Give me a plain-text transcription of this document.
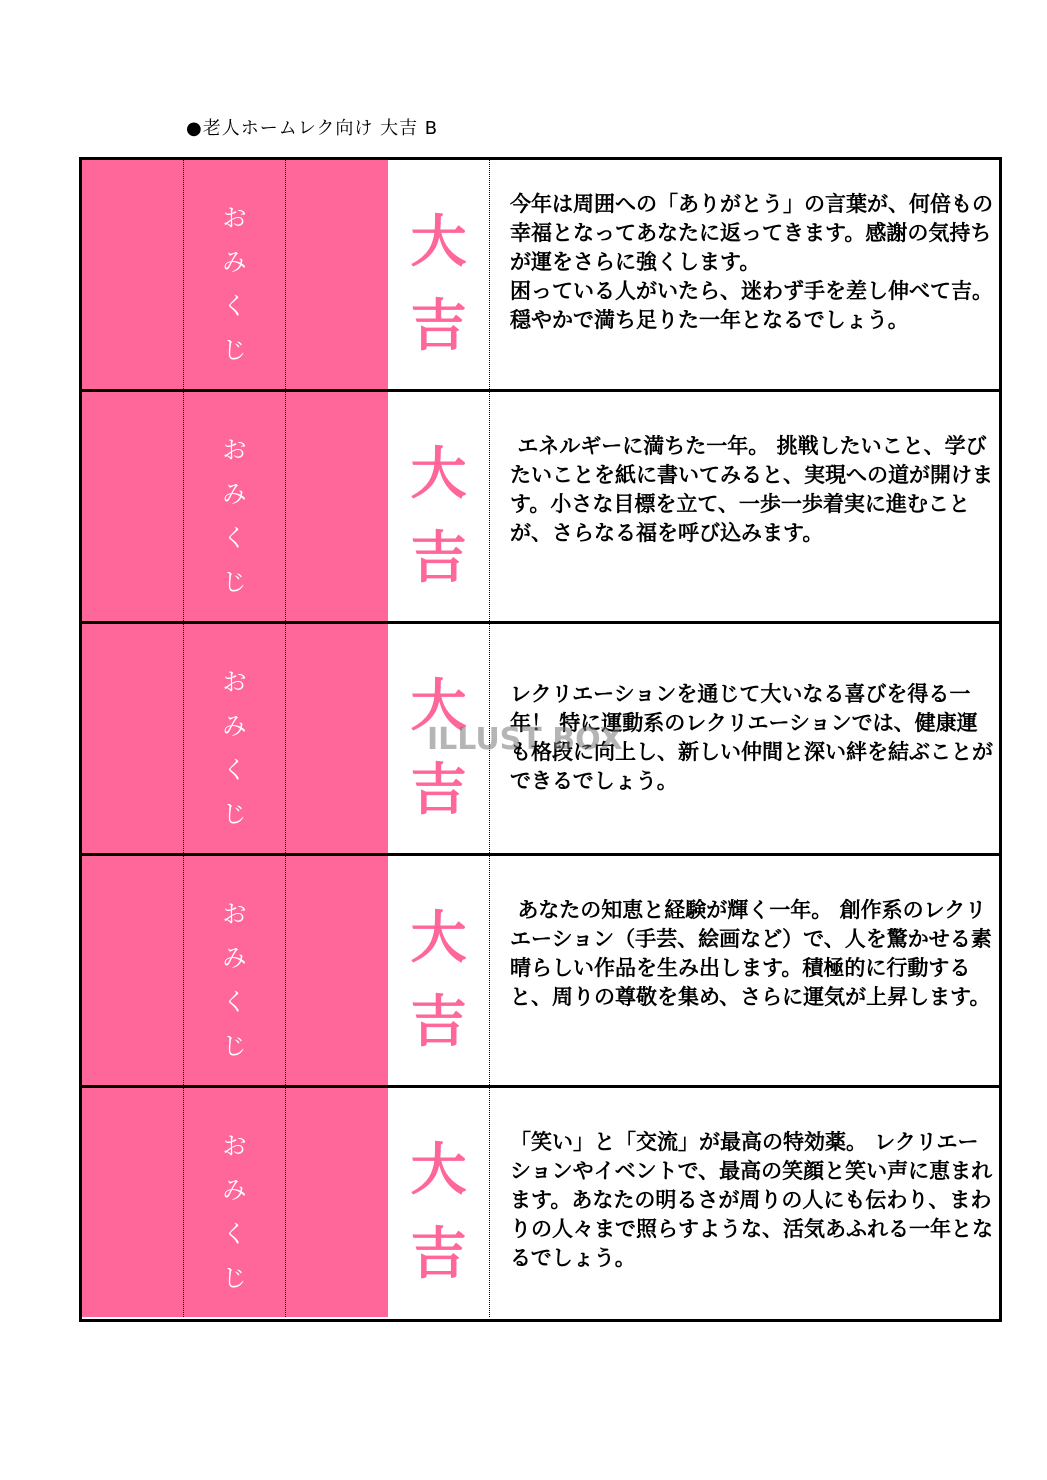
●老人ホームレク向け 大吉 B
お
み
く
じ
大
吉
今年は周囲への「ありがとう」の言葉が、何倍もの幸福となってあなたに返ってきます。感謝の気持ちが運をさらに強くします。
困っている人がいたら、迷わず手を差し伸べて吉。
穏やかで満ち足りた一年となるでしょう。
お
み
く
じ
大
吉
エネルギーに満ちた一年。 挑戦したいこと、学びたいことを紙に書いてみると、実現への道が開けます。小さな目標を立て、一歩一歩着実に進むことが、さらなる福を呼び込みます。
お
み
く
じ
大
吉
レクリエーションを通じて大いなる喜びを得る一年！ 特に運動系のレクリエーションでは、健康運も格段に向上し、新しい仲間と深い絆を結ぶことができるでしょう。
お
み
く
じ
大
吉
あなたの知恵と経験が輝く一年。 創作系のレクリエーション（手芸、絵画など）で、人を驚かせる素晴らしい作品を生み出します。積極的に行動すると、周りの尊敬を集め、さらに運気が上昇します。
お
み
く
じ
大
吉
「笑い」と「交流」が最高の特効薬。 レクリエーションやイベントで、最高の笑顔と笑い声に恵まれます。あなたの明るさが周りの人にも伝わり、まわりの人々まで照らすような、活気あふれる一年となるでしょう。
ILLUST BOX
